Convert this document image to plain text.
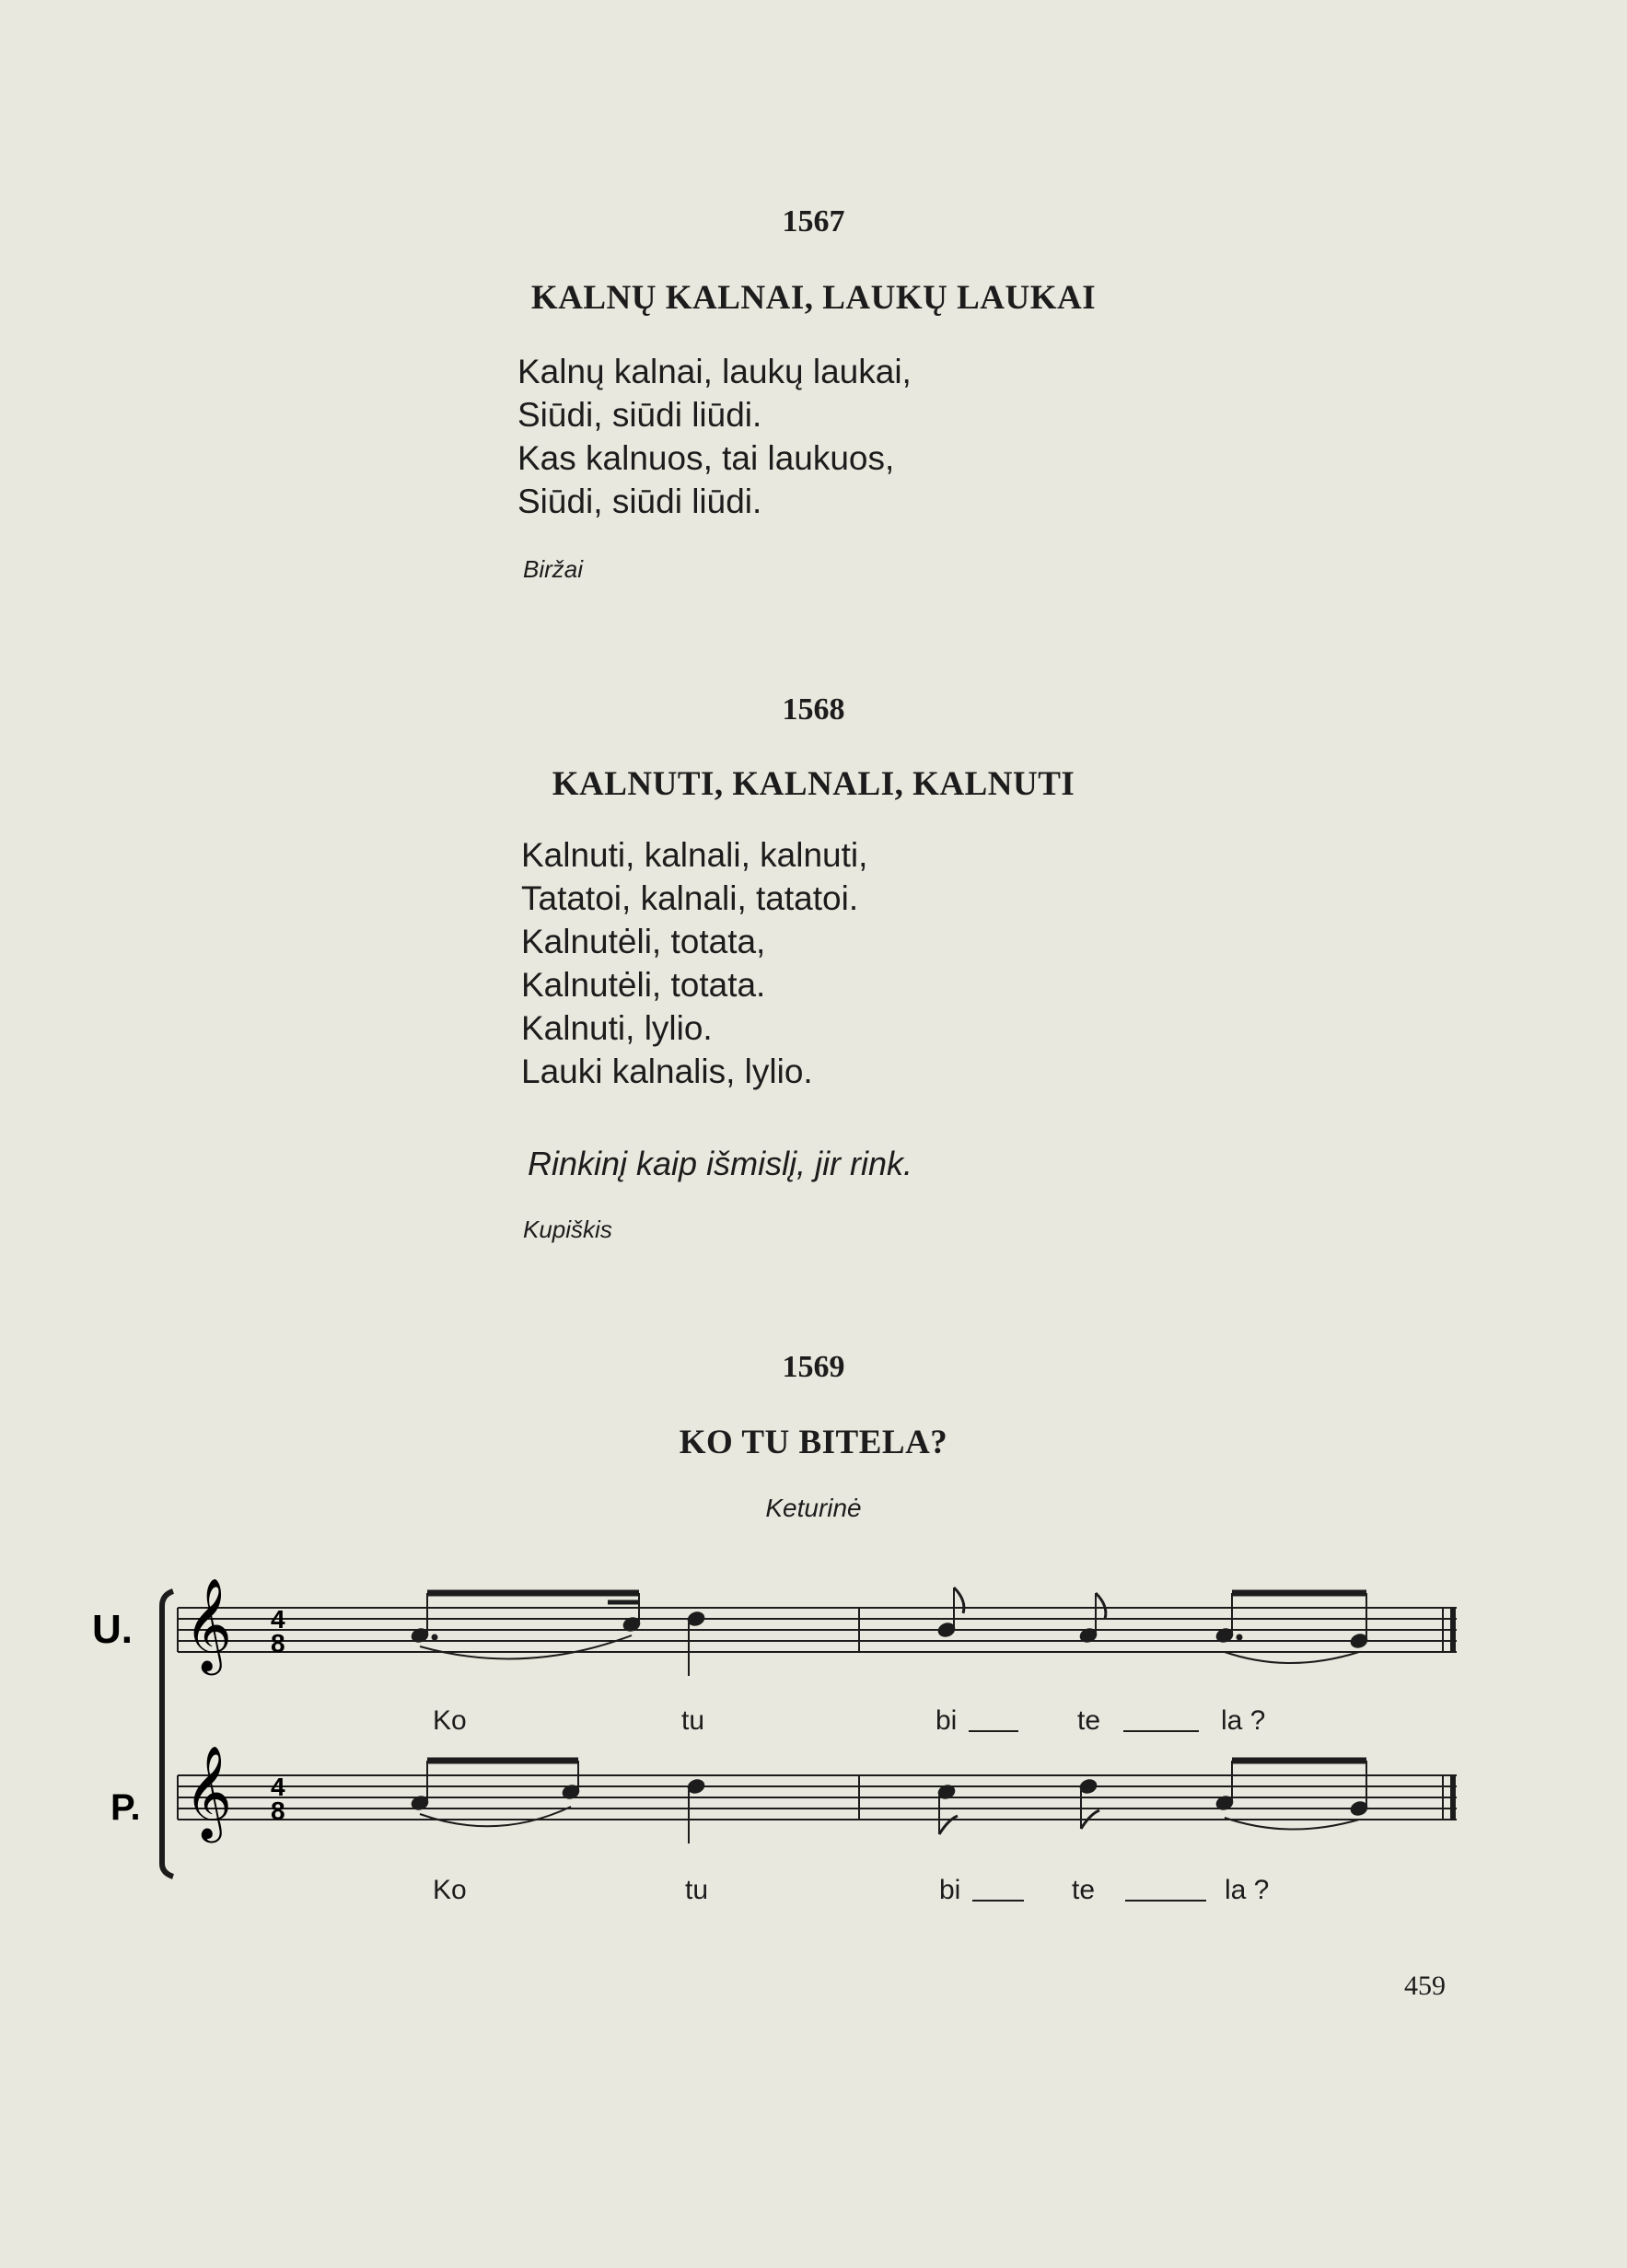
1567
KALNŲ KALNAI, LAUKŲ LAUKAI
Kalnų kalnai, laukų laukai,
Siūdi, siūdi liūdi.
Kas kalnuos, tai laukuos,
Siūdi, siūdi liūdi.
Biržai
1568
KALNUTI, KALNALI, KALNUTI
Kalnuti, kalnali, kalnuti,
Tatatoi, kalnali, tatatoi.
Kalnutėli, totata,
Kalnutėli, totata.
Kalnuti, lylio.
Lauki kalnalis, lylio.
Rinkinį kaip išmislį, jir rink.
Kupiškis
1569
KO TU BITELA?
Keturinė
U.
P.
𝄞
𝄞
4
8
4
8
Ko	tu	bi	te	la ?
Ko	tu	bi	te	la ?
459
